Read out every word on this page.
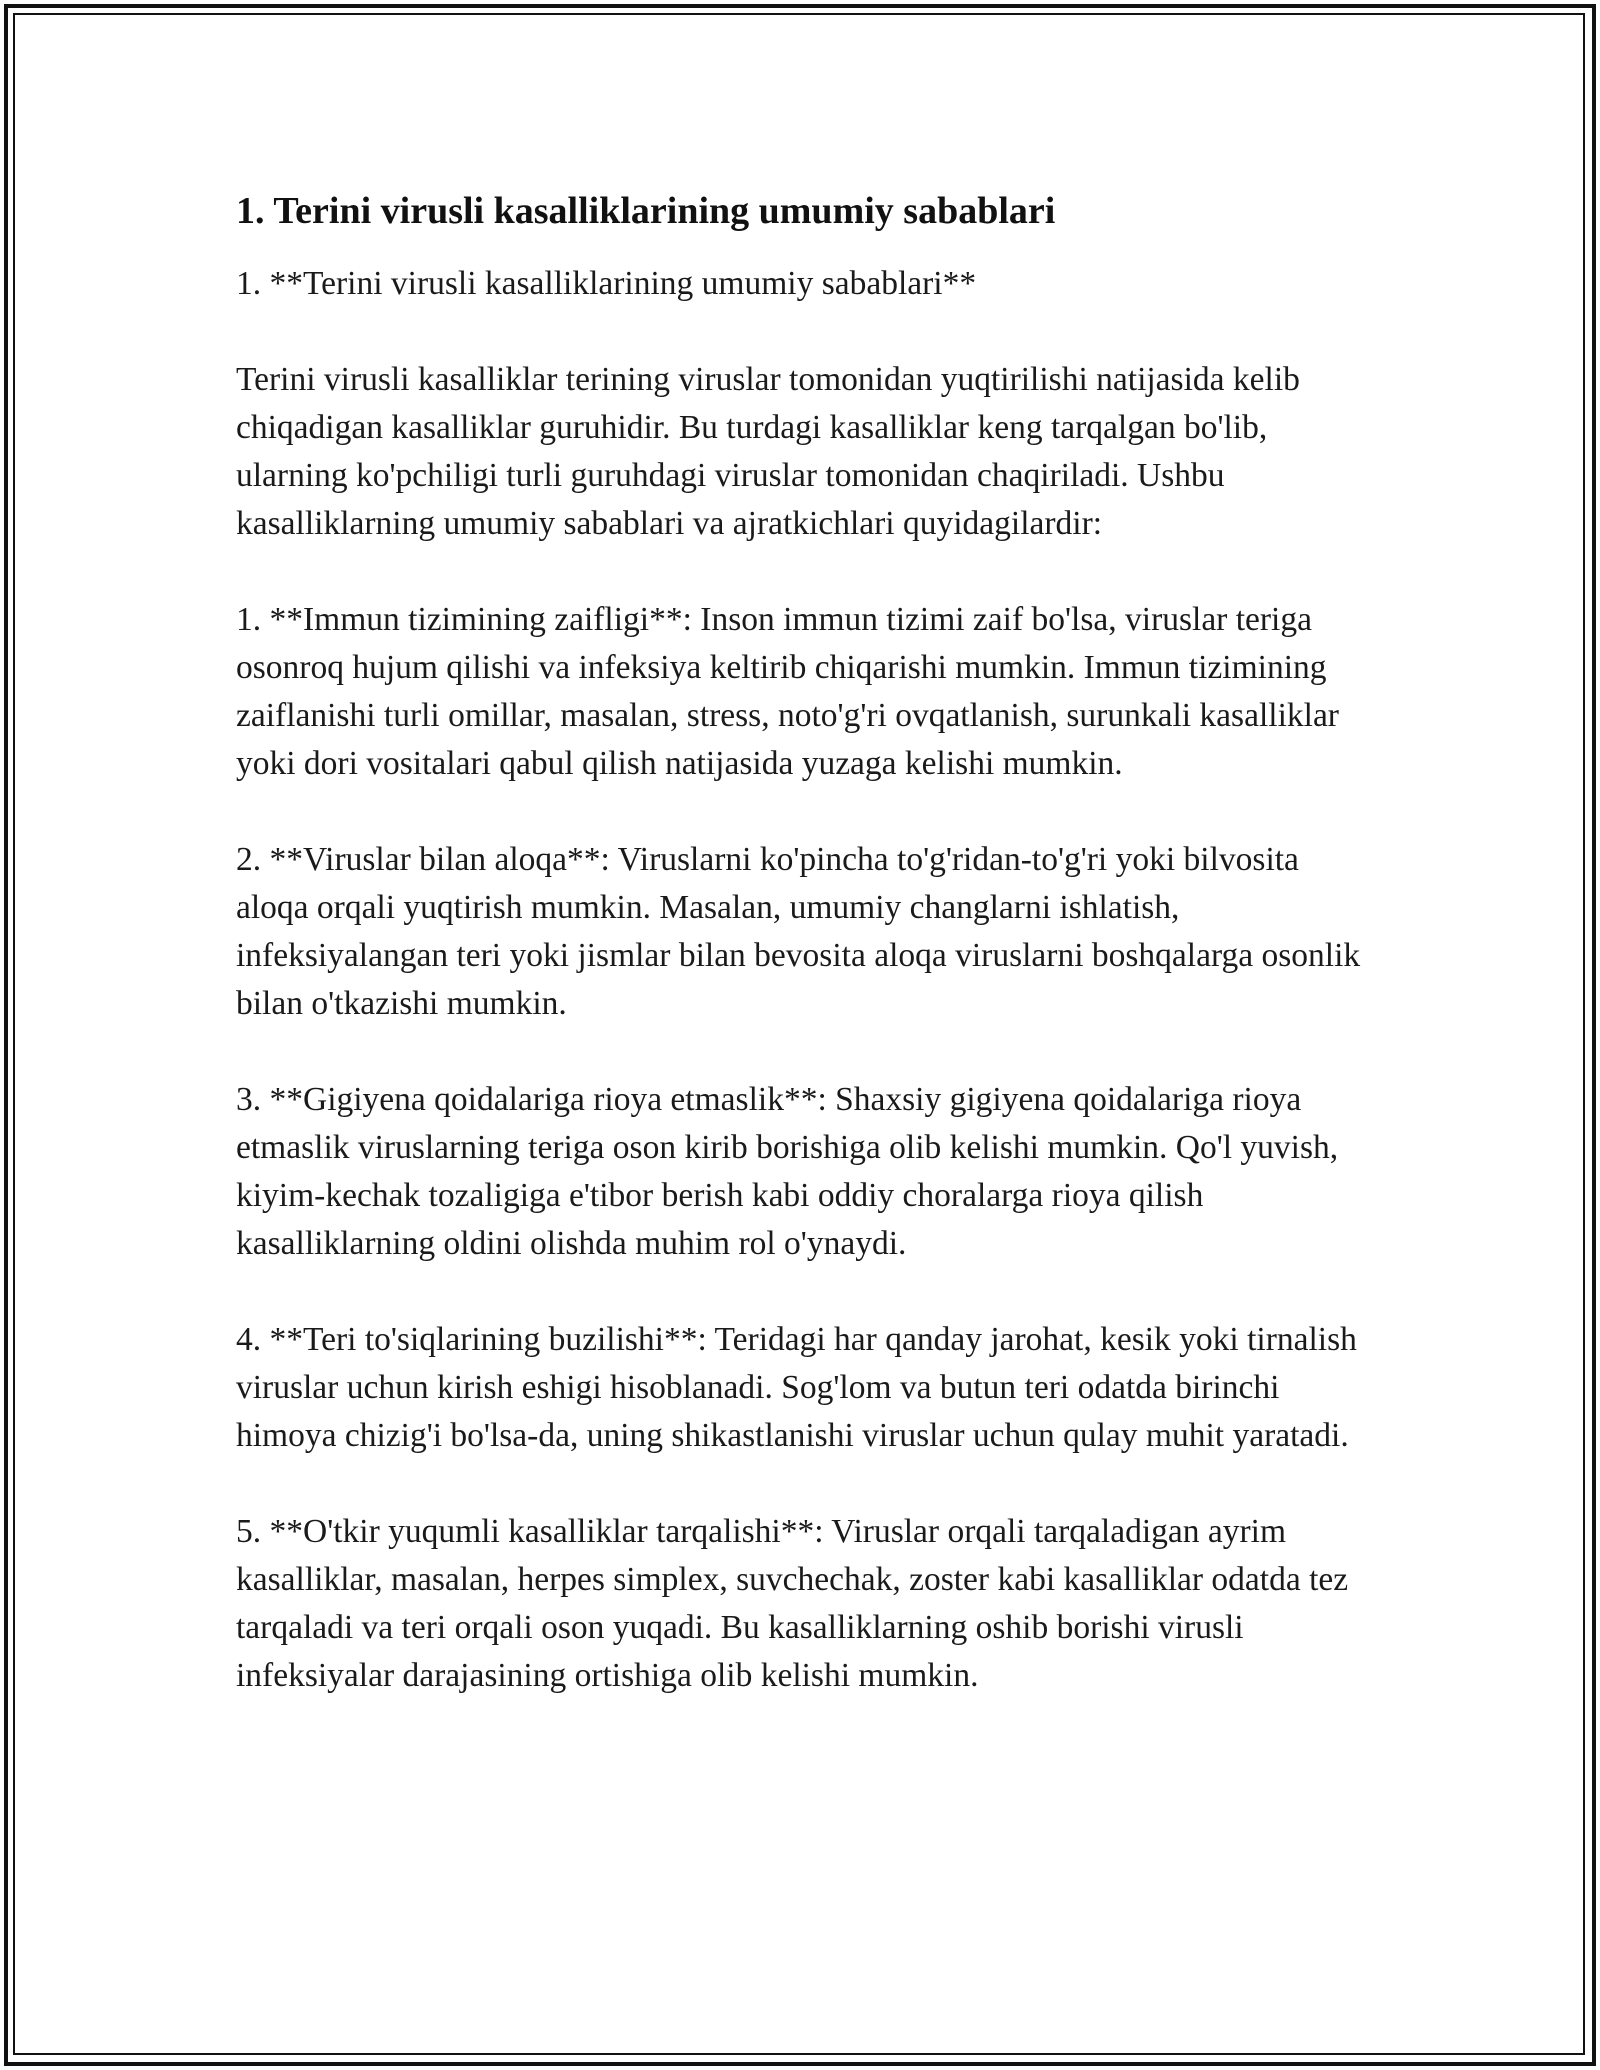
1. Terini virusli kasalliklarining umumiy sabablari

1. **Terini virusli kasalliklarining umumiy sabablari**

Terini virusli kasalliklar terining viruslar tomonidan yuqtirilishi natijasida kelib chiqadigan kasalliklar guruhidir. Bu turdagi kasalliklar keng tarqalgan bo'lib, ularning ko'pchiligi turli guruhdagi viruslar tomonidan chaqiriladi. Ushbu kasalliklarning umumiy sabablari va ajratkichlari quyidagilardir:

1. **Immun tizimining zaifligi**: Inson immun tizimi zaif bo'lsa, viruslar teriga osonroq hujum qilishi va infeksiya keltirib chiqarishi mumkin. Immun tizimining zaiflanishi turli omillar, masalan, stress, noto'g'ri ovqatlanish, surunkali kasalliklar yoki dori vositalari qabul qilish natijasida yuzaga kelishi mumkin.

2. **Viruslar bilan aloqa**: Viruslarni ko'pincha to'g'ridan-to'g'ri yoki bilvosita aloqa orqali yuqtirish mumkin. Masalan, umumiy changlarni ishlatish, infeksiyalangan teri yoki jismlar bilan bevosita aloqa viruslarni boshqalarga osonlik bilan o'tkazishi mumkin.

3. **Gigiyena qoidalariga rioya etmaslik**: Shaxsiy gigiyena qoidalariga rioya etmaslik viruslarning teriga oson kirib borishiga olib kelishi mumkin. Qo'l yuvish, kiyim-kechak tozaligiga e'tibor berish kabi oddiy choralarga rioya qilish kasalliklarning oldini olishda muhim rol o'ynaydi.

4. **Teri to'siqlarining buzilishi**: Teridagi har qanday jarohat, kesik yoki tirnalish viruslar uchun kirish eshigi hisoblanadi. Sog'lom va butun teri odatda birinchi himoya chizig'i bo'lsa-da, uning shikastlanishi viruslar uchun qulay muhit yaratadi.

5. **O'tkir yuqumli kasalliklar tarqalishi**: Viruslar orqali tarqaladigan ayrim kasalliklar, masalan, herpes simplex, suvchechak, zoster kabi kasalliklar odatda tez tarqaladi va teri orqali oson yuqadi. Bu kasalliklarning oshib borishi virusli infeksiyalar darajasining ortishiga olib kelishi mumkin.
